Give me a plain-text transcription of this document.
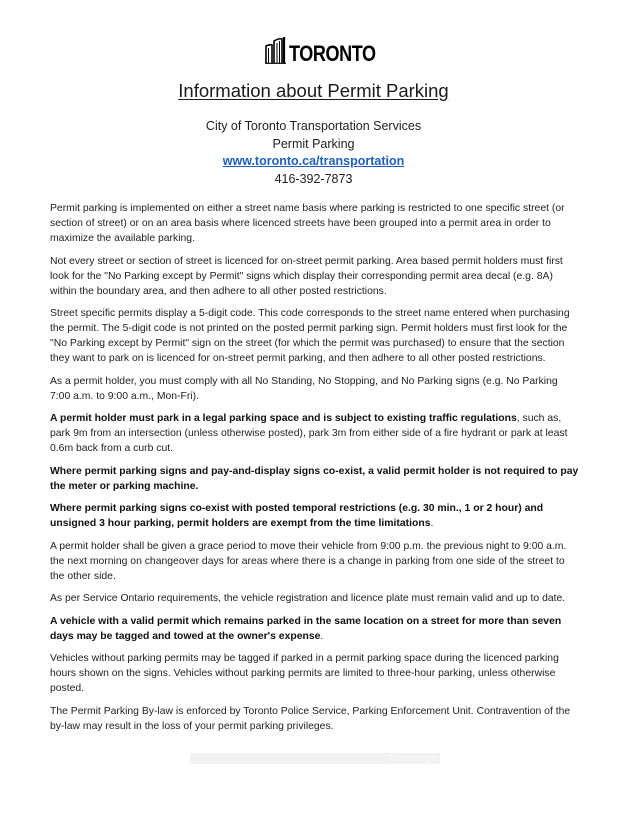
TORONTO
Information about Permit Parking
City of Toronto Transportation Services
Permit Parking
www.toronto.ca/transportation
416-392-7873

Permit parking is implemented on either a street name basis where parking is restricted to one specific street (or section of street) or on an area basis where licenced streets have been grouped into a permit area in order to maximize the available parking.

Not every street or section of street is licenced for on-street permit parking. Area based permit holders must first look for the "No Parking except by Permit" signs which display their corresponding permit area decal (e.g. 8A) within the boundary area, and then adhere to all other posted restrictions.

Street specific permits display a 5-digit code. This code corresponds to the street name entered when purchasing the permit. The 5-digit code is not printed on the posted permit parking sign. Permit holders must first look for the "No Parking except by Permit" sign on the street (for which the permit was purchased) to ensure that the section they want to park on is licenced for on-street permit parking, and then adhere to all other posted restrictions.

As a permit holder, you must comply with all No Standing, No Stopping, and No Parking signs (e.g. No Parking 7:00 a.m. to 9:00 a.m., Mon-Fri).

A permit holder must park in a legal parking space and is subject to existing traffic regulations, such as, park 9m from an intersection (unless otherwise posted), park 3m from either side of a fire hydrant or park at least 0.6m back from a curb cut.

Where permit parking signs and pay-and-display signs co-exist, a valid permit holder is not required to pay the meter or parking machine.

Where permit parking signs co-exist with posted temporal restrictions (e.g. 30 min., 1 or 2 hour) and unsigned 3 hour parking, permit holders are exempt from the time limitations.

A permit holder shall be given a grace period to move their vehicle from 9:00 p.m. the previous night to 9:00 a.m. the next morning on changeover days for areas where there is a change in parking from one side of the street to the other side.

As per Service Ontario requirements, the vehicle registration and licence plate must remain valid and up to date.

A vehicle with a valid permit which remains parked in the same location on a street for more than seven days may be tagged and towed at the owner's expense.

Vehicles without parking permits may be tagged if parked in a permit parking space during the licenced parking hours shown on the signs. Vehicles without parking permits are limited to three-hour parking, unless otherwise posted.

The Permit Parking By-law is enforced by Toronto Police Service, Parking Enforcement Unit. Contravention of the by-law may result in the loss of your permit parking privileges.

Brokerage
